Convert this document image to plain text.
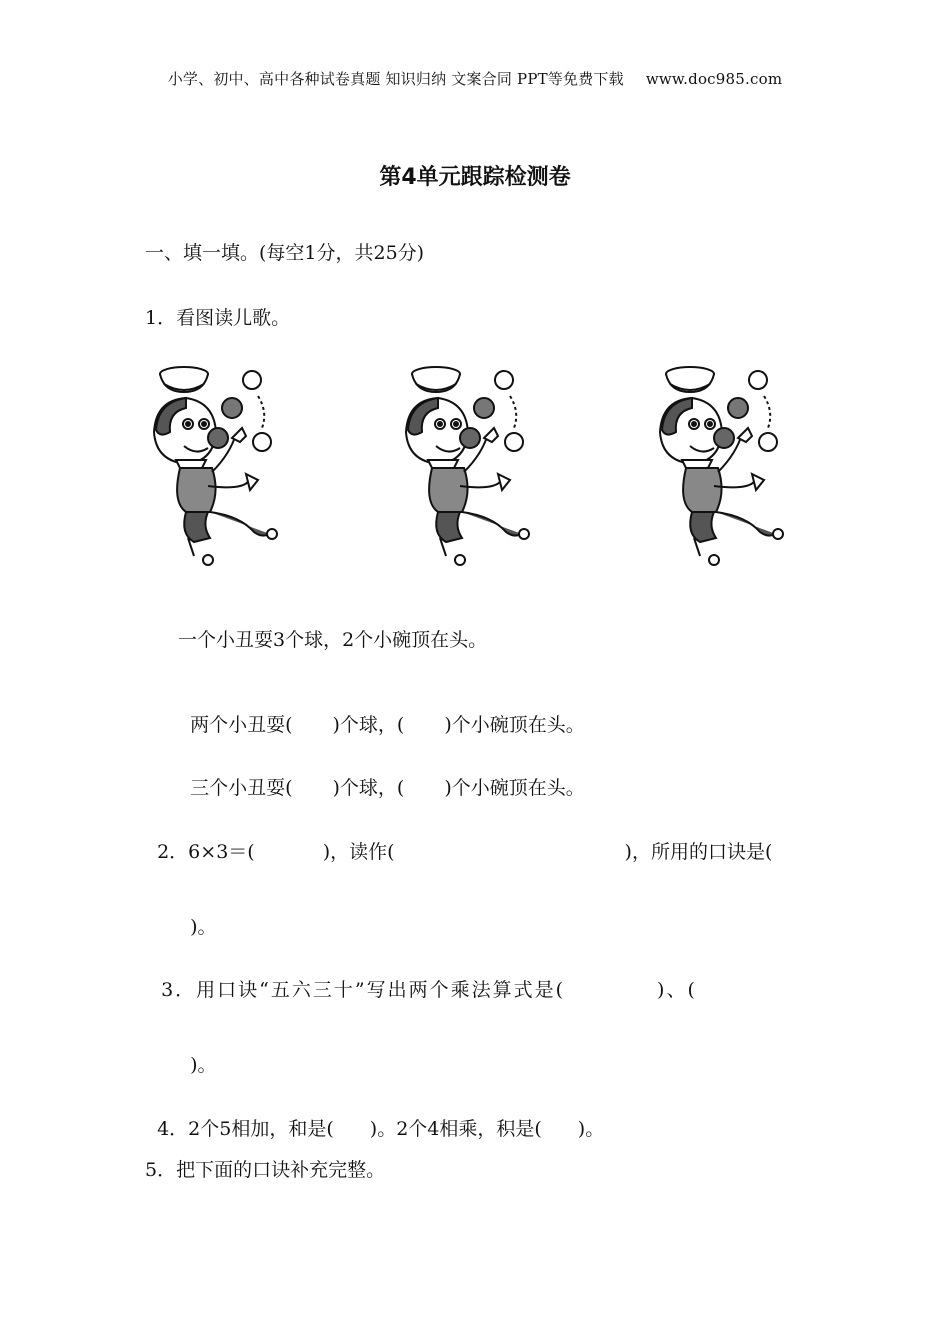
小学、初中、高中各种试卷真题 知识归纳 文案合同 PPT等免费下载 www.doc985.com
第4单元跟踪检测卷
一、填一填。(每空1分，共25分)
1．看图读儿歌。
一个小丑耍3个球，2个小碗顶在头。

两个小丑耍( )个球，( )个小碗顶在头。

三个小丑耍( )个球，( )个小碗顶在头。

2．6×3＝(	)，读作(	)，所用的口诀是(

)。

3．用口诀“五六三十”写出两个乘法算式是(	)、(

)。

4．2个5相加，和是( )。2个4相乘，积是( )。

5．把下面的口诀补充完整。
